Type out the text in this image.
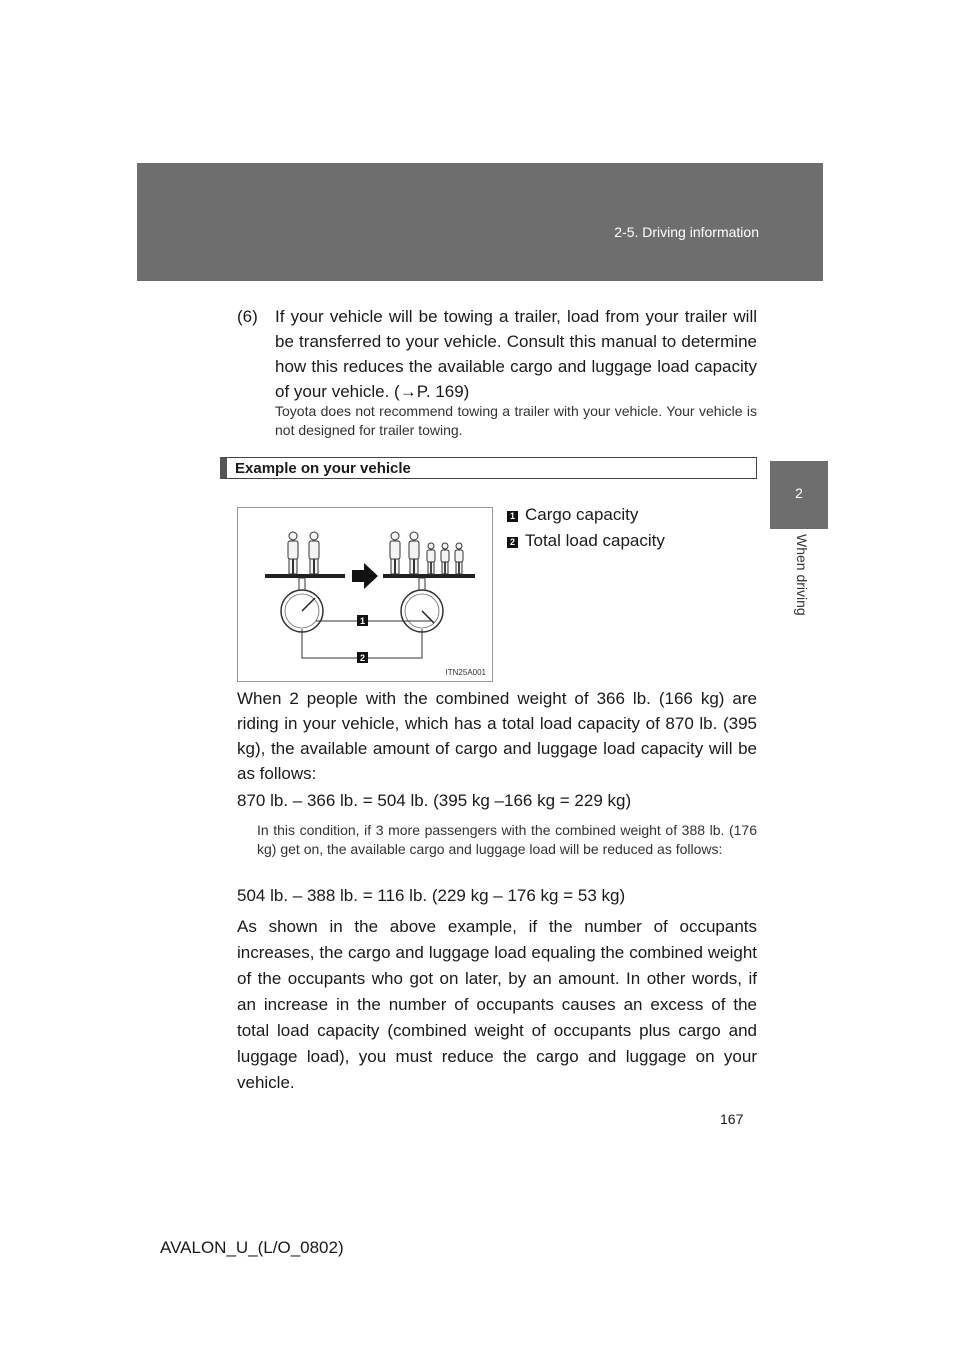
2-5. Driving information
2
When driving
(6) If your vehicle will be towing a trailer, load from your trailer will be transferred to your vehicle. Consult this manual to determine how this reduces the available cargo and luggage load capacity of your vehicle. (→P. 169)
Toyota does not recommend towing a trailer with your vehicle. Your vehicle is not designed for trailer towing.
Example on your vehicle
1
2
ITN25A001
1 Cargo capacity
2 Total load capacity
When 2 people with the combined weight of 366 lb. (166 kg) are riding in your vehicle, which has a total load capacity of 870 lb. (395 kg), the available amount of cargo and luggage load capacity will be as follows:
870 lb. – 366 lb. = 504 lb. (395 kg –166 kg = 229 kg)
In this condition, if 3 more passengers with the combined weight of 388 lb. (176 kg) get on, the available cargo and luggage load will be reduced as follows:
504 lb. – 388 lb. = 116 lb. (229 kg – 176 kg = 53 kg)
As shown in the above example, if the number of occupants increases, the cargo and luggage load equaling the combined weight of the occupants who got on later, by an amount. In other words, if an increase in the number of occupants causes an excess of the total load capacity (combined weight of occupants plus cargo and luggage load), you must reduce the cargo and luggage on your vehicle.
167
AVALON_U_(L/O_0802)
